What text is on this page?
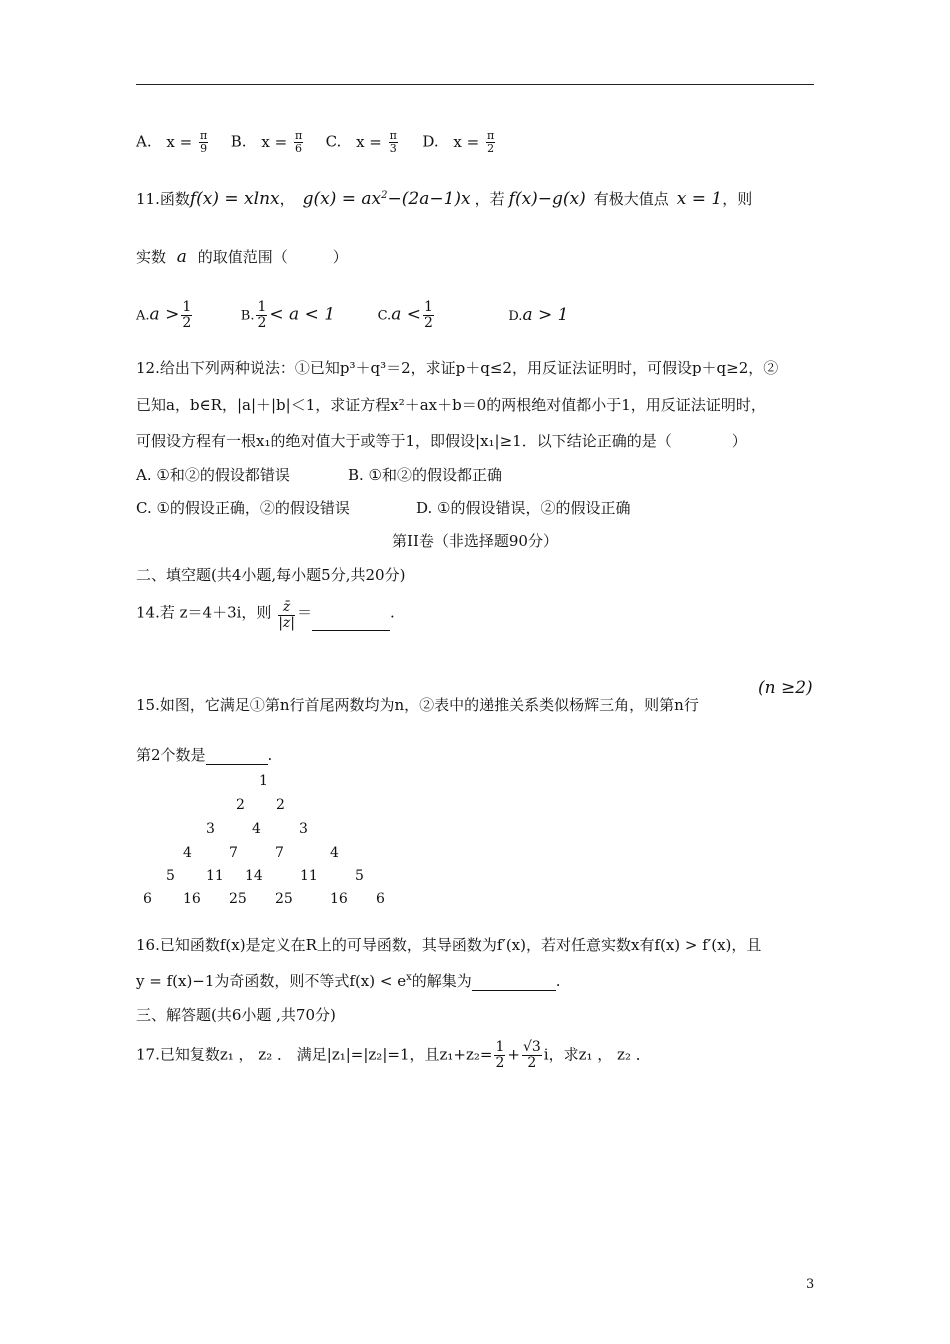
A. $x = \frac{\pi}{9} B$. $x = \frac{\pi}{6} C$. $x = \frac{\pi}{3} D$. $x = \frac{\pi}{2}$
11.函数f(x) = xlnx， $g(x) = ax^2-(2a-1)x$ ，若 f(x)−g(x) 有极大值点 x = 1，则
实数 a 的取值范围（　　　）
$A.a > \frac{1}{2}$	B. $\frac{1}{2} < a < 1$	$C.a < \frac{1}{2}$	D.a > 1
12.给出下列两种说法：①已知p³＋q³＝2，求证p＋q≤2，用反证法证明时，可假设p＋q≥2，②
已知a，b∈R，|a|＋|b|＜1，求证方程x²＋ax＋b＝0的两根绝对值都小于1，用反证法证明时，
可假设方程有一根x₁的绝对值大于或等于1，即假设|x₁|≥1．以下结论正确的是（　　　　）
A. ①和②的假设都错误	B. ①和②的假设都正确
C. ①的假设正确，②的假设错误	D. ①的假设错误，②的假设正确
第II卷（非选择题90分）
二、填空题(共4小题,每小题5分,共20分)
14.若 z＝4＋3i，则 $\frac{z̄}{|z|}$ ＝	.
15.如图，它满足①第n行首尾两数均为n，②表中的递推关系类似杨辉三角，则第n行
(n ≥2)
第2个数是	.
1
2 2
3	4	3
4	7	7	4
5 11 14	11	5
6 16 25 25	16 6
16.已知函数f(x)是定义在R上的可导函数，其导函数为f′(x)，若对任意实数x有f(x) > f′(x)，且
y = f(x)−1为奇函数，则不等式$f(x) < e^x$的解集为	.
三、解答题(共6小题 ,共70分)
17.已知复数z₁ ， z₂ ． 满足|z₁|=|z₂|=1，且$z_1+z_2= \frac{1}{2} + \frac{√3}{2}$ i，求z₁ ， z₂ ．
3
